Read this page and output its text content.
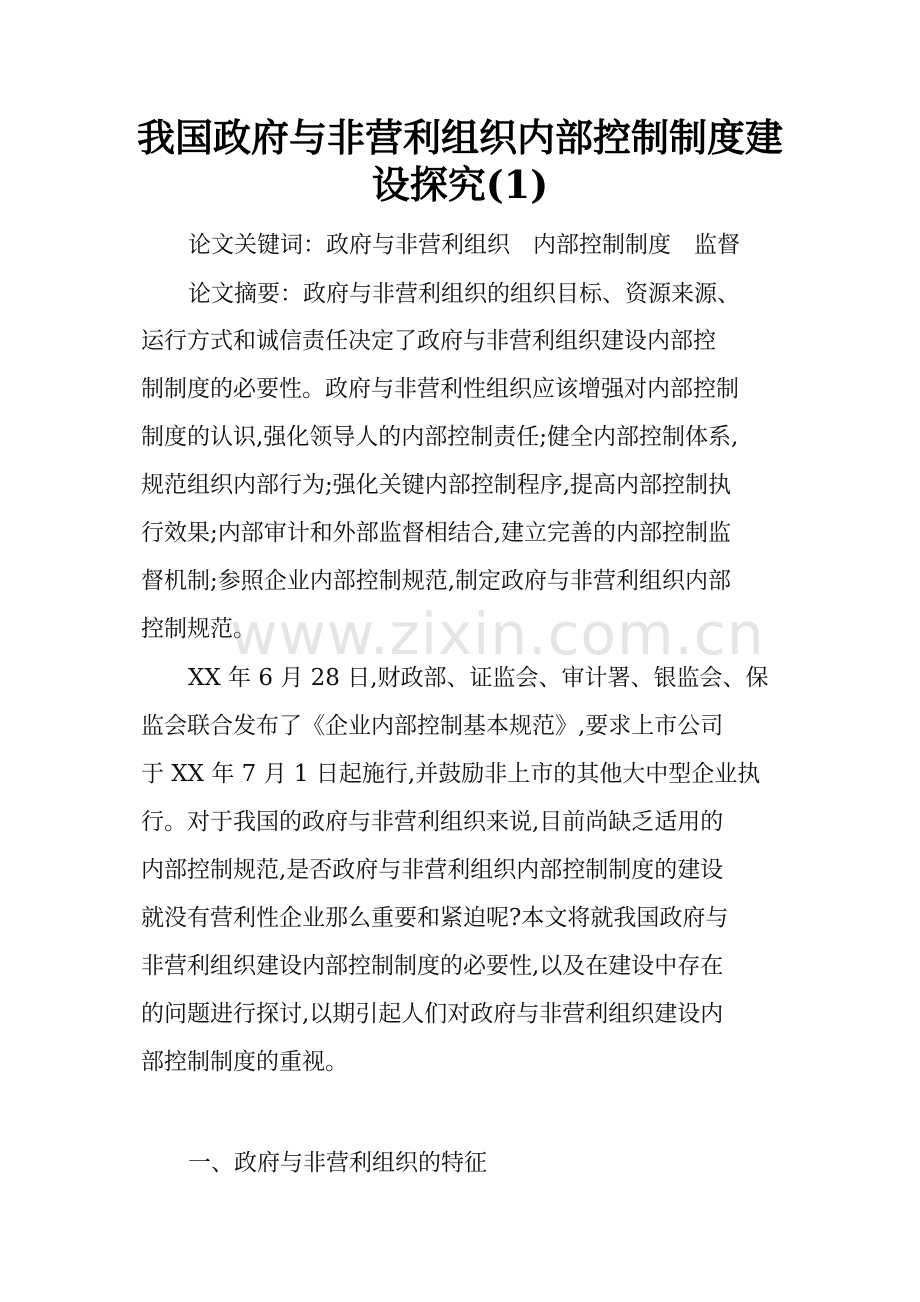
我国政府与非营利组织内部控制制度建
设探究(1)
论文关键词：政府与非营利组织　内部控制制度　监督
论文摘要：政府与非营利组织的组织目标、资源来源、
运行方式和诚信责任决定了政府与非营利组织建设内部控
制制度的必要性。政府与非营利性组织应该增强对内部控制
制度的认识,强化领导人的内部控制责任;健全内部控制体系,
规范组织内部行为;强化关键内部控制程序,提高内部控制执
行效果;内部审计和外部监督相结合,建立完善的内部控制监
督机制;参照企业内部控制规范,制定政府与非营利组织内部
控制规范。
XX 年 6 月 28 日,财政部、证监会、审计署、银监会、保
监会联合发布了《企业内部控制基本规范》,要求上市公司
于 XX 年 7 月 1 日起施行,并鼓励非上市的其他大中型企业执
行。对于我国的政府与非营利组织来说,目前尚缺乏适用的
内部控制规范,是否政府与非营利组织内部控制制度的建设
就没有营利性企业那么重要和紧迫呢?本文将就我国政府与
非营利组织建设内部控制制度的必要性,以及在建设中存在
的问题进行探讨,以期引起人们对政府与非营利组织建设内
部控制制度的重视。
一、政府与非营利组织的特征
www.zixin.com.cn
